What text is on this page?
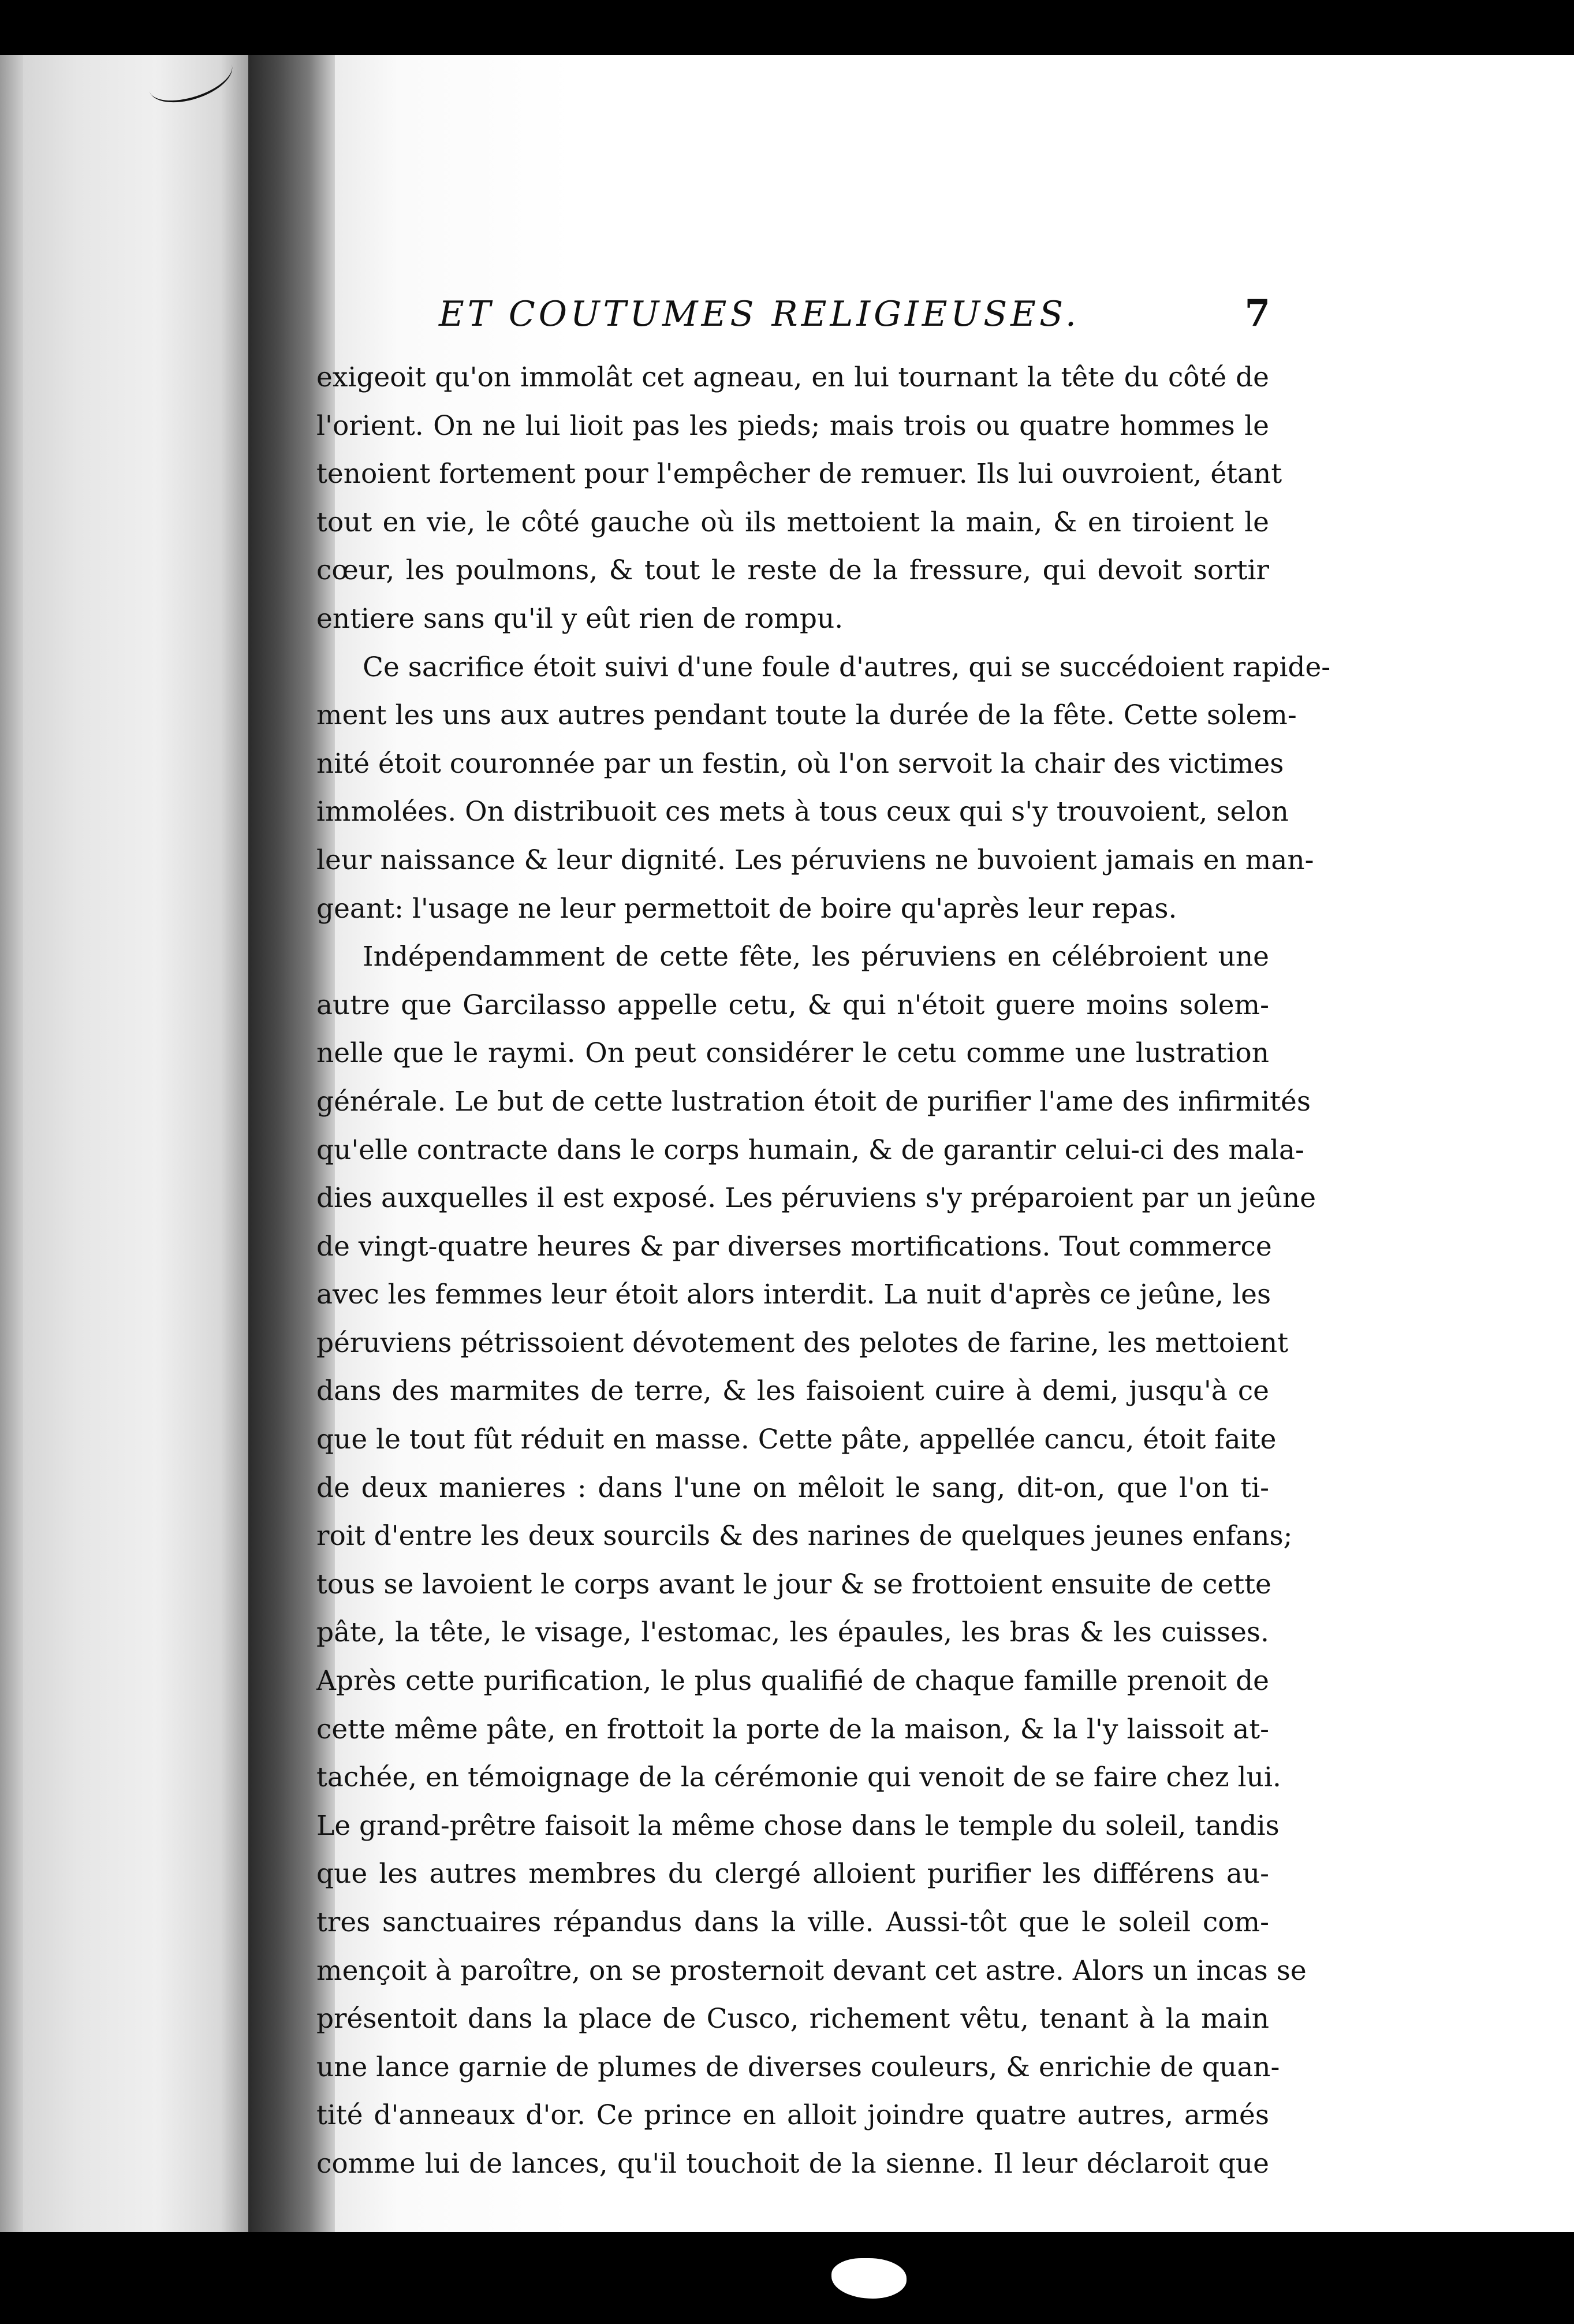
ET COUTUMES RELIGIEUSES.	7
exigeoit qu'on immolât cet agneau, en lui tournant la tête du côté de
l'orient. On ne lui lioit pas les pieds; mais trois ou quatre hommes le
tenoient fortement pour l'empêcher de remuer. Ils lui ouvroient, étant
tout en vie, le côté gauche où ils mettoient la main, & en tiroient le
cœur, les poulmons, & tout le reste de la fressure, qui devoit sortir
entiere sans qu'il y eût rien de rompu.
Ce sacrifice étoit suivi d'une foule d'autres, qui se succédoient rapide-
ment les uns aux autres pendant toute la durée de la fête. Cette solem-
nité étoit couronnée par un festin, où l'on servoit la chair des victimes
immolées. On distribuoit ces mets à tous ceux qui s'y trouvoient, selon
leur naissance & leur dignité. Les péruviens ne buvoient jamais en man-
geant: l'usage ne leur permettoit de boire qu'après leur repas.
Indépendamment de cette fête, les péruviens en célébroient une
autre que Garcilasso appelle cetu, & qui n'étoit guere moins solem-
nelle que le raymi. On peut considérer le cetu comme une lustration
générale. Le but de cette lustration étoit de purifier l'ame des infirmités
qu'elle contracte dans le corps humain, & de garantir celui-ci des mala-
dies auxquelles il est exposé. Les péruviens s'y préparoient par un jeûne
de vingt-quatre heures & par diverses mortifications. Tout commerce
avec les femmes leur étoit alors interdit. La nuit d'après ce jeûne, les
péruviens pétrissoient dévotement des pelotes de farine, les mettoient
dans des marmites de terre, & les faisoient cuire à demi, jusqu'à ce
que le tout fût réduit en masse. Cette pâte, appellée cancu, étoit faite
de deux manieres : dans l'une on mêloit le sang, dit-on, que l'on ti-
roit d'entre les deux sourcils & des narines de quelques jeunes enfans;
tous se lavoient le corps avant le jour & se frottoient ensuite de cette
pâte, la tête, le visage, l'estomac, les épaules, les bras & les cuisses.
Après cette purification, le plus qualifié de chaque famille prenoit de
cette même pâte, en frottoit la porte de la maison, & la l'y laissoit at-
tachée, en témoignage de la cérémonie qui venoit de se faire chez lui.
Le grand-prêtre faisoit la même chose dans le temple du soleil, tandis
que les autres membres du clergé alloient purifier les différens au-
tres sanctuaires répandus dans la ville. Aussi-tôt que le soleil com-
mençoit à paroître, on se prosternoit devant cet astre. Alors un incas se
présentoit dans la place de Cusco, richement vêtu, tenant à la main
une lance garnie de plumes de diverses couleurs, & enrichie de quan-
tité d'anneaux d'or. Ce prince en alloit joindre quatre autres, armés
comme lui de lances, qu'il touchoit de la sienne. Il leur déclaroit que
